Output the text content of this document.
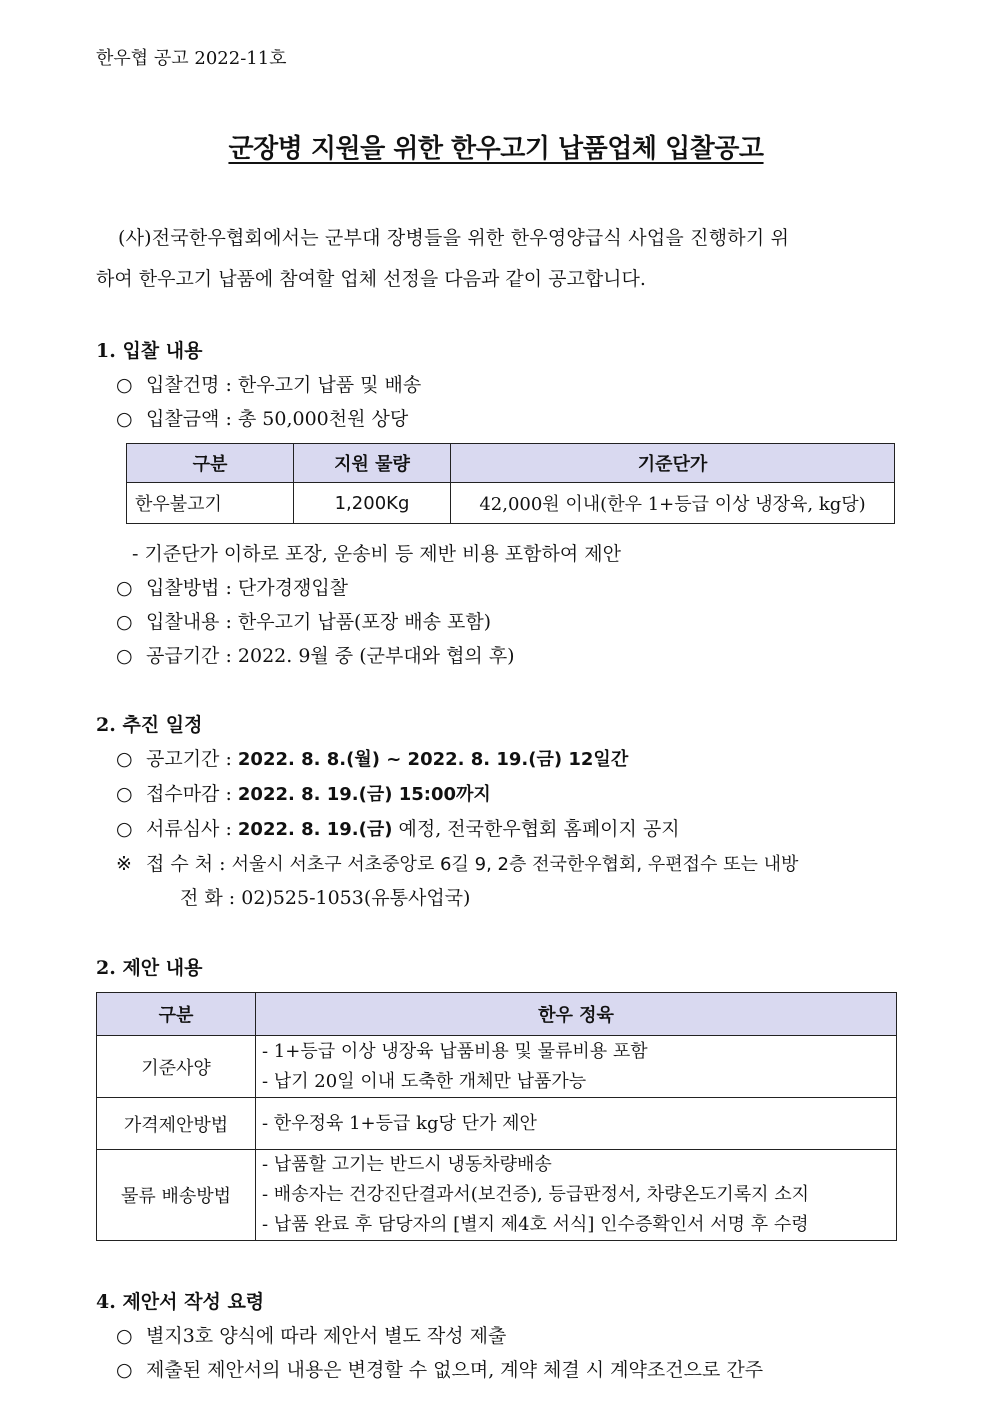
한우협 공고 2022-11호
군장병 지원을 위한 한우고기 납품업체 입찰공고
(사)전국한우협회에서는 군부대 장병들을 위한 한우영양급식 사업을 진행하기 위
하여 한우고기 납품에 참여할 업체 선정을 다음과 같이 공고합니다.
1. 입찰 내용
○ 입찰건명 : 한우고기 납품 및 배송
○ 입찰금액 : 총 50,000천원 상당
구분	지원 물량	기준단가
한우불고기	1,200Kg	42,000원 이내(한우 1+등급 이상 냉장육, kg당)
- 기준단가 이하로 포장, 운송비 등 제반 비용 포함하여 제안
○ 입찰방법 : 단가경쟁입찰
○ 입찰내용 : 한우고기 납품(포장 배송 포함)
○ 공급기간 : 2022. 9월 중 (군부대와 협의 후)
2. 추진 일정
○ 공고기간 : 2022. 8. 8.(월) ~ 2022. 8. 19.(금) 12일간
○ 접수마감 : 2022. 8. 19.(금) 15:00까지
○ 서류심사 : 2022. 8. 19.(금) 예정, 전국한우협회 홈페이지 공지
※ 접 수 처 : 서울시 서초구 서초중앙로 6길 9, 2층 전국한우협회, 우편접수 또는 내방
전 화 : 02)525-1053(유통사업국)
2. 제안 내용
구분	한우 정육
기준사양	- 1+등급 이상 냉장육 납품비용 및 물류비용 포함
- 납기 20일 이내 도축한 개체만 납품가능

가격제안방법	- 한우정육 1+등급 kg당 단가 제안

물류 배송방법	- 납품할 고기는 반드시 냉동차량배송
- 배송자는 건강진단결과서(보건증), 등급판정서, 차량온도기록지 소지
- 납품 완료 후 담당자의 [별지 제4호 서식] 인수증확인서 서명 후 수령
4. 제안서 작성 요령
○ 별지3호 양식에 따라 제안서 별도 작성 제출
○ 제출된 제안서의 내용은 변경할 수 없으며, 계약 체결 시 계약조건으로 간주
